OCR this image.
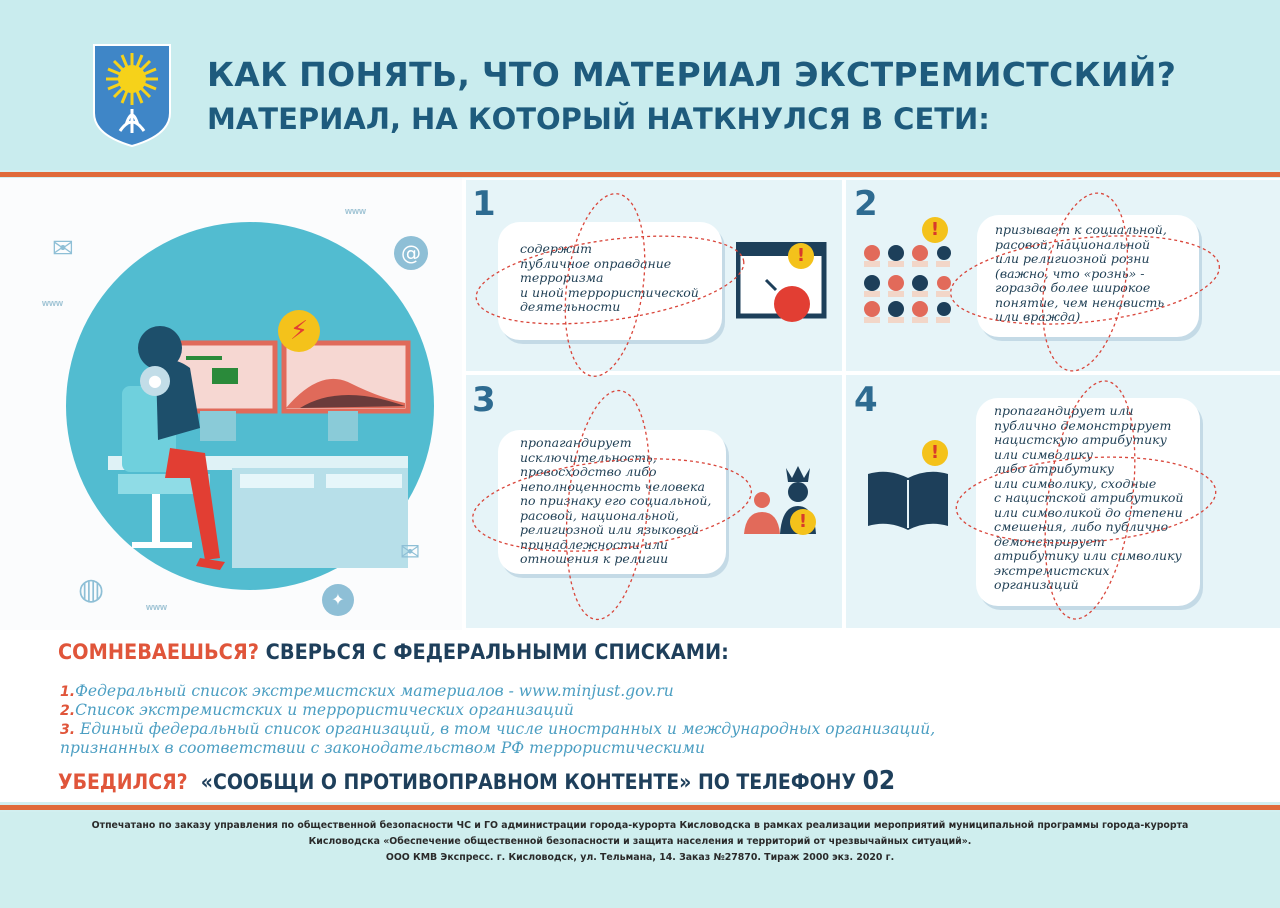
КАК ПОНЯТЬ, ЧТО МАТЕРИАЛ ЭКСТРЕМИСТСКИЙ?
МАТЕРИАЛ, НА КОТОРЫЙ НАТКНУЛСЯ В СЕТИ:
⚡
●
✉	@
✉
◍	✦
www
www
www
1	2
3	4
содержит
публичное оправдание
терроризма
и иной террористической
деятельности
!
призывает к социальной,
расовой, национальной
или религиозной розни
(важно, что «рознь» -
гораздо более широкое
понятие, чем ненависть
или вражда)
!
пропагандирует
исключительность,
превосходство либо
неполноценность человека
по признаку его социальной,
расовой, национальной,
религиозной или языковой
принадлежности или
отношения к религии
!
пропагандирует или
публично демонстрирует
нацистскую атрибутику
или символику
либо атрибутику
или символику, сходные
с нацистской атрибутикой
или символикой до степени
смешения, либо публично
демонстрирует
атрибутику или символику
экстремистских
организаций
!
СОМНЕВАЕШЬСЯ? СВЕРЬСЯ С ФЕДЕРАЛЬНЫМИ СПИСКАМИ:
1.Федеральный список экстремистских материалов - www.minjust.gov.ru
2.Список экстремистских и террористических организаций
3. Единый федеральный список организаций, в том числе иностранных и международных организаций,
признанных в соответствии с законодательством РФ террористическими
УБЕДИЛСЯ? «СООБЩИ О ПРОТИВОПРАВНОМ КОНТЕНТЕ» ПО ТЕЛЕФОНУ 02
Отпечатано по заказу управления по общественной безопасности ЧС и ГО администрации города-курорта Кисловодска в рамках реализации мероприятий муниципальной программы города-курорта
Кисловодска «Обеспечение общественной безопасности и защита населения и территорий от чрезвычайных ситуаций».
ООО КМВ Экспресс. г. Кисловодск, ул. Тельмана, 14. Заказ №27870. Тираж 2000 экз. 2020 г.
